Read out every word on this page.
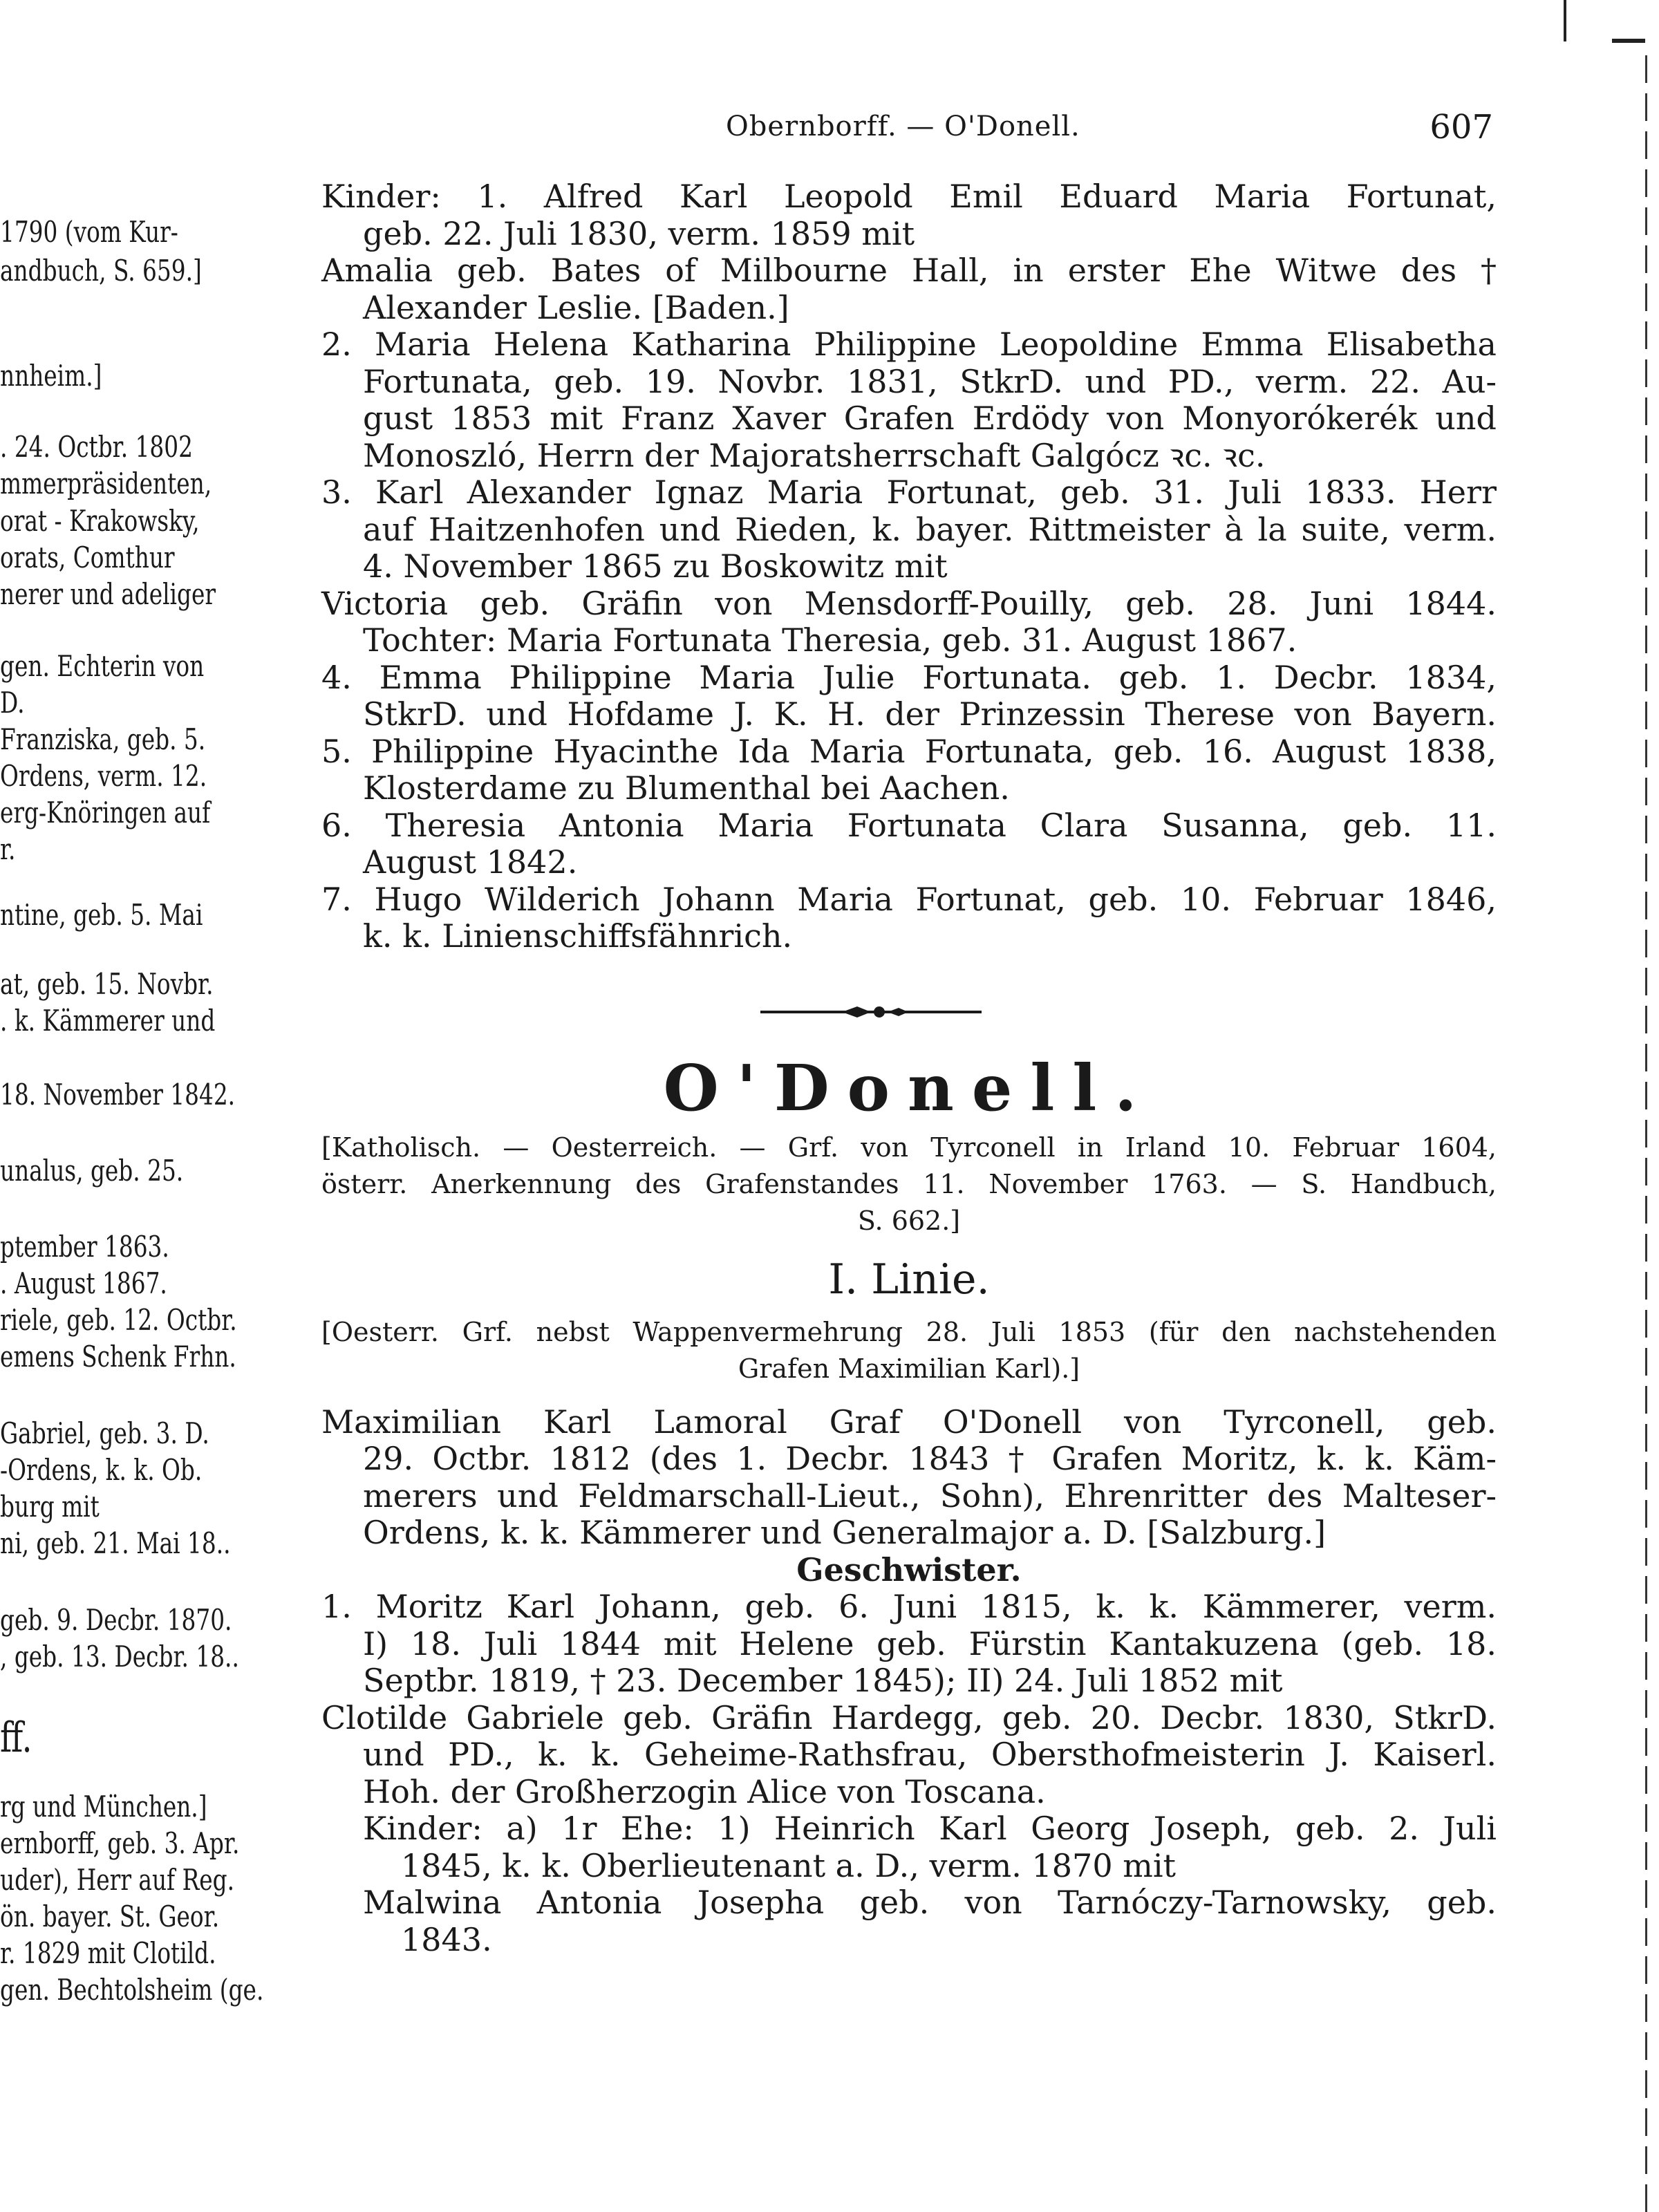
1790 (vom Kur-
andbuch, S. 659.]
nnheim.]
. 24. Octbr. 1802
mmerpräsidenten,
orat - Krakowsky,
orats, Comthur
nerer und adeliger
gen. Echterin von
D.
Franziska, geb. 5.
Ordens, verm. 12.
erg-Knöringen auf
r.
ntine, geb. 5. Mai
at, geb. 15. Novbr.
. k. Kämmerer und
18. November 1842.
unalus, geb. 25.
ptember 1863.
. August 1867.
riele, geb. 12. Octbr.
emens Schenk Frhn.
Gabriel, geb. 3. D.
-Ordens, k. k. Ob.
burg mit
ni, geb. 21. Mai 18..
geb. 9. Decbr. 1870.
, geb. 13. Decbr. 18..
ff.
rg und München.]
ernborff, geb. 3. Apr.
uder), Herr auf Reg.
ön. bayer. St. Geor.
r. 1829 mit Clotild.
gen. Bechtolsheim (ge.
Obernborff. — O'Donell.	607
Kinder: 1. Alfred Karl Leopold Emil Eduard Maria Fortunat,
geb. 22. Juli 1830, verm. 1859 mit
Amalia geb. Bates of Milbourne Hall, in erster Ehe Witwe des †
Alexander Leslie. [Baden.]
2. Maria Helena Katharina Philippine Leopoldine Emma Elisabetha
Fortunata, geb. 19. Novbr. 1831, StkrD. und PD., verm. 22. Au-
gust 1853 mit Franz Xaver Grafen Erdödy von Monyorókerék und
Monoszló, Herrn der Majoratsherrschaft Galgócz ꝛc. ꝛc.
3. Karl Alexander Ignaz Maria Fortunat, geb. 31. Juli 1833. Herr
auf Haitzenhofen und Rieden, k. bayer. Rittmeister à la suite, verm.
4. November 1865 zu Boskowitz mit
Victoria geb. Gräfin von Mensdorff-Pouilly, geb. 28. Juni 1844.
Tochter: Maria Fortunata Theresia, geb. 31. August 1867.
4. Emma Philippine Maria Julie Fortunata. geb. 1. Decbr. 1834,
StkrD. und Hofdame J. K. H. der Prinzessin Therese von Bayern.
5. Philippine Hyacinthe Ida Maria Fortunata, geb. 16. August 1838,
Klosterdame zu Blumenthal bei Aachen.
6. Theresia Antonia Maria Fortunata Clara Susanna, geb. 11.
August 1842.
7. Hugo Wilderich Johann Maria Fortunat, geb. 10. Februar 1846,
k. k. Linienschiffsfähnrich.
O'Donell.
[Katholisch. — Oesterreich. — Grf. von Tyrconell in Irland 10. Februar 1604,
österr. Anerkennung des Grafenstandes 11. November 1763. — S. Handbuch,
S. 662.]
I. Linie.
[Oesterr. Grf. nebst Wappenvermehrung 28. Juli 1853 (für den nachstehenden
Grafen Maximilian Karl).]
Maximilian Karl Lamoral Graf O'Donell von Tyrconell, geb.
29. Octbr. 1812 (des 1. Decbr. 1843 † Grafen Moritz, k. k. Käm-
merers und Feldmarschall-Lieut., Sohn), Ehrenritter des Malteser-
Ordens, k. k. Kämmerer und Generalmajor a. D. [Salzburg.]
Geschwister.
1. Moritz Karl Johann, geb. 6. Juni 1815, k. k. Kämmerer, verm.
I) 18. Juli 1844 mit Helene geb. Fürstin Kantakuzena (geb. 18.
Septbr. 1819, † 23. December 1845); II) 24. Juli 1852 mit
Clotilde Gabriele geb. Gräfin Hardegg, geb. 20. Decbr. 1830, StkrD.
und PD., k. k. Geheime-Rathsfrau, Obersthofmeisterin J. Kaiserl.
Hoh. der Großherzogin Alice von Toscana.
Kinder: a) 1r Ehe: 1) Heinrich Karl Georg Joseph, geb. 2. Juli
1845, k. k. Oberlieutenant a. D., verm. 1870 mit
Malwina Antonia Josepha geb. von Tarnóczy-Tarnowsky, geb.
1843.
